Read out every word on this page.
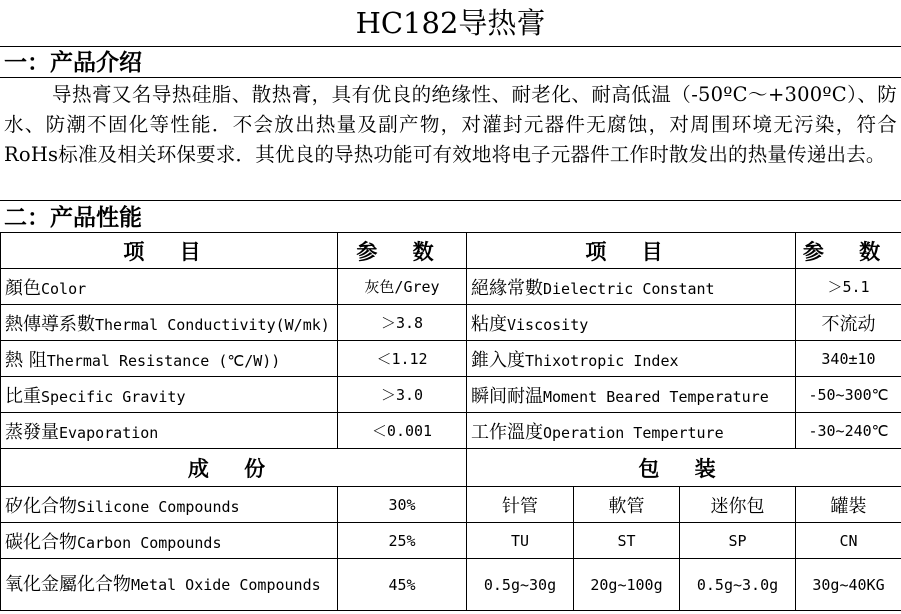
HC182导热膏
一：产品介绍
导热膏又名导热硅脂、散热膏，具有优良的绝缘性、耐老化、耐高低温（-50ºC～+300ºC）、防水、防潮不固化等性能．不会放出热量及副产物，对灌封元器件无腐蚀，对周围环境无污染，符合RoHs标准及相关环保要求．其优良的导热功能可有效地将电子元器件工作时散发出的热量传递出去。
二：产品性能
项 目	参 数	项 目	参 数
顏色Color	灰色/Grey	絕緣常數Dielectric Constant	＞5.1
熱傳導系數Thermal Conductivity(W/mk)	＞3.8	粘度Viscosity	不流动
熱 阻Thermal Resistance (℃/W))	＜1.12	錐入度Thixotropic Index	340±10
比重Specific Gravity	＞3.0	瞬间耐温Moment Beared Temperature	-50~300℃
蒸發量Evaporation	＜0.001	工作溫度Operation Temperture	-30~240℃
成 份		包 装			
矽化合物Silicone Compounds	30%	针管	軟管	迷你包	罐裝
碳化合物Carbon Compounds	25%	TU	ST	SP	CN
氧化金屬化合物Metal Oxide Compounds	45%	0.5g~30g	20g~100g	0.5g~3.0g	30g~40KG
